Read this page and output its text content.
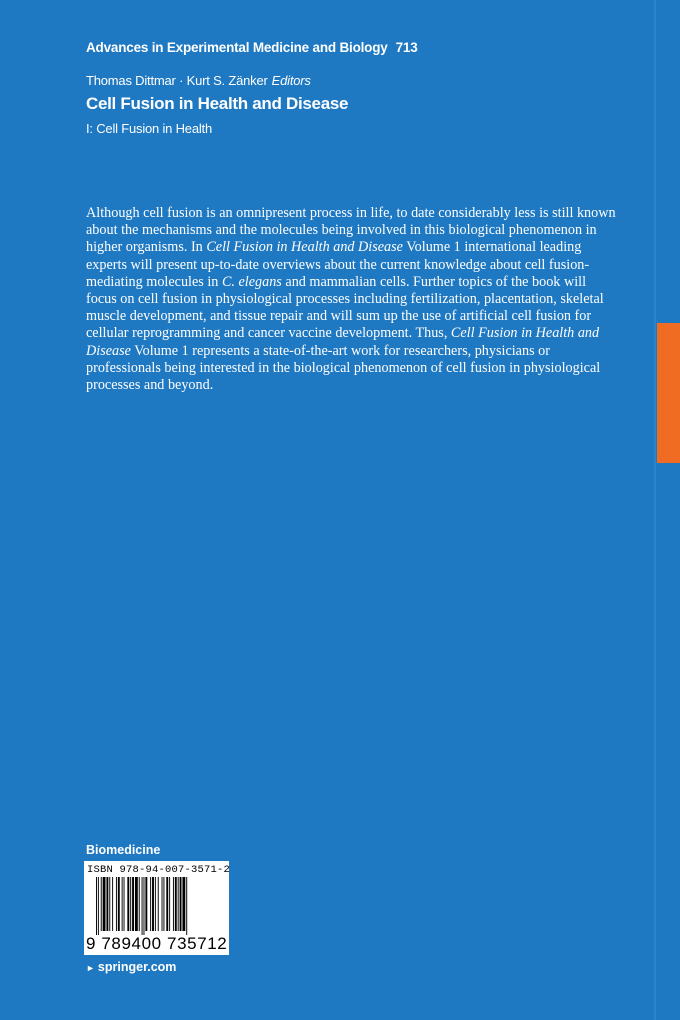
Advances in Experimental Medicine and Biology 713
Thomas Dittmar · Kurt S. Zänker Editors
Cell Fusion in Health and Disease
I: Cell Fusion in Health

Although cell fusion is an omnipresent process in life, to date considerably less is still known about the mechanisms and the molecules being involved in this biological phenomenon in higher organisms. In Cell Fusion in Health and Disease Volume 1 international leading experts will present up-to-date overviews about the current knowledge about cell fusion-mediating molecules in C. elegans and mammalian cells. Further topics of the book will focus on cell fusion in physiological processes including fertilization, placentation, skeletal muscle development, and tissue repair and will sum up the use of artificial cell fusion for cellular reprogramming and cancer vaccine development. Thus, Cell Fusion in Health and Disease Volume 1 represents a state-of-the-art work for researchers, physicians or professionals being interested in the biological phenomenon of cell fusion in physiological processes and beyond.

Biomedicine
ISBN 978-94-007-3571-2
9 789400 735712
► springer.com
